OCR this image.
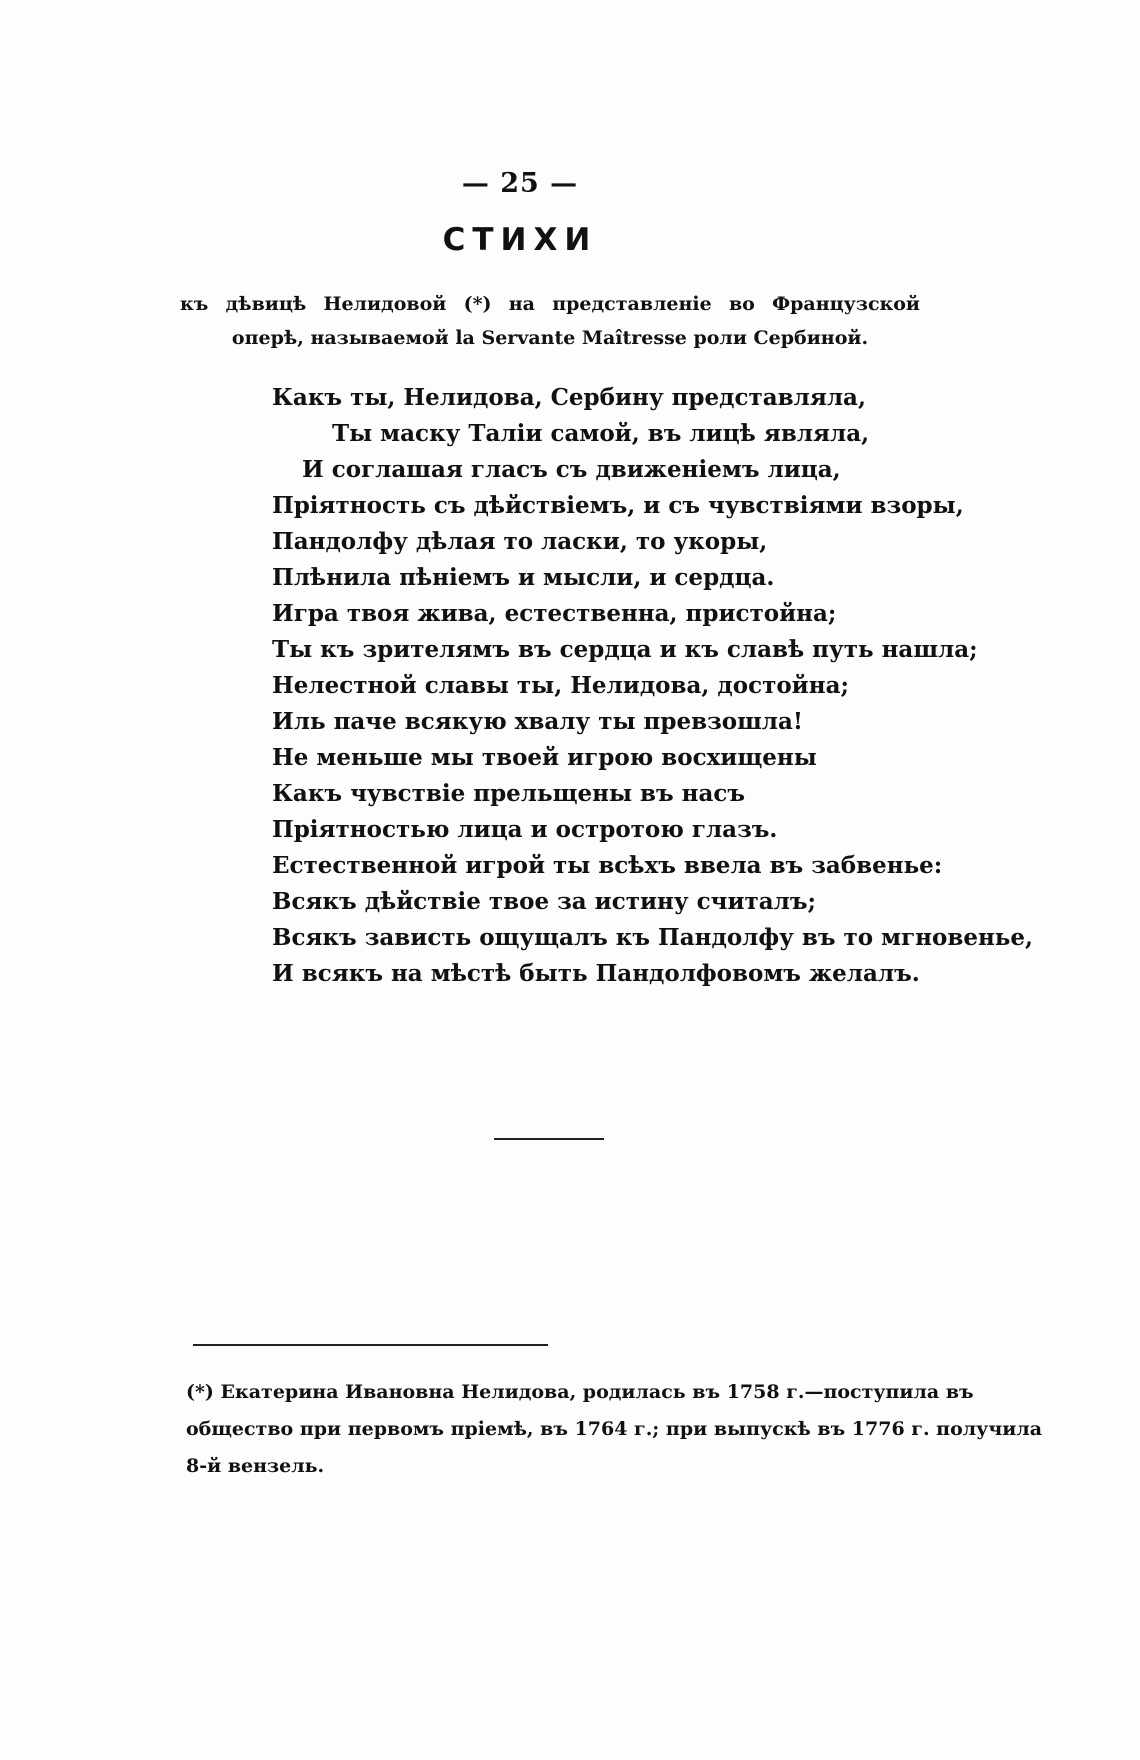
— 25 —
СТИХИ
къ дѣвицѣ Нелидовой (*) на представленіе во Французской оперѣ, называемой la Servante Maîtresse роли Сербиной.
Какъ ты, Нелидова, Сербину представляла,
Ты маску Таліи самой, въ лицѣ являла,
И соглашая гласъ съ движеніемъ лица,
Пріятность съ дѣйствіемъ, и съ чувствіями взоры,
Пандолфу дѣлая то ласки, то укоры,
Плѣнила пѣніемъ и мысли, и сердца.
Игра твоя жива, естественна, пристойна;
Ты къ зрителямъ въ сердца и къ славѣ путь нашла;
Нелестной славы ты, Нелидова, достойна;
Иль паче всякую хвалу ты превзошла!
Не меньше мы твоей игрою восхищены
Какъ чувствіе прельщены въ насъ
Пріятностью лица и остротою глазъ.
Естественной игрой ты всѣхъ ввела въ забвенье:
Всякъ дѣйствіе твое за истину считалъ;
Всякъ зависть ощущалъ къ Пандолфу въ то мгновенье,
И всякъ на мѣстѣ быть Пандолфовомъ желалъ.
(*) Екатерина Ивановна Нелидова, родилась въ 1758 г.—поступила въ
общество при первомъ пріемѣ, въ 1764 г.; при выпускѣ въ 1776 г. получила
8-й вензель.
